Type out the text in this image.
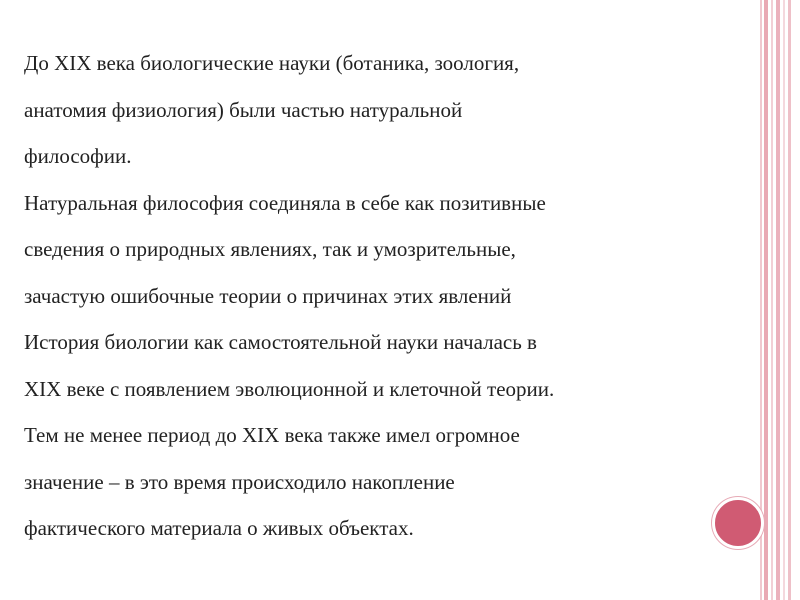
До XIX века биологические науки (ботаника, зоология,
анатомия физиология) были частью натуральной
философии.
Натуральная философия соединяла в себе как позитивные
сведения о природных явлениях, так и умозрительные,
зачастую ошибочные теории о причинах этих явлений
История биологии как самостоятельной науки началась в
XIX веке с появлением эволюционной и клеточной теории.
Тем не менее период до XIX века также имел огромное
значение – в это время происходило накопление
фактического материала о живых объектах.
